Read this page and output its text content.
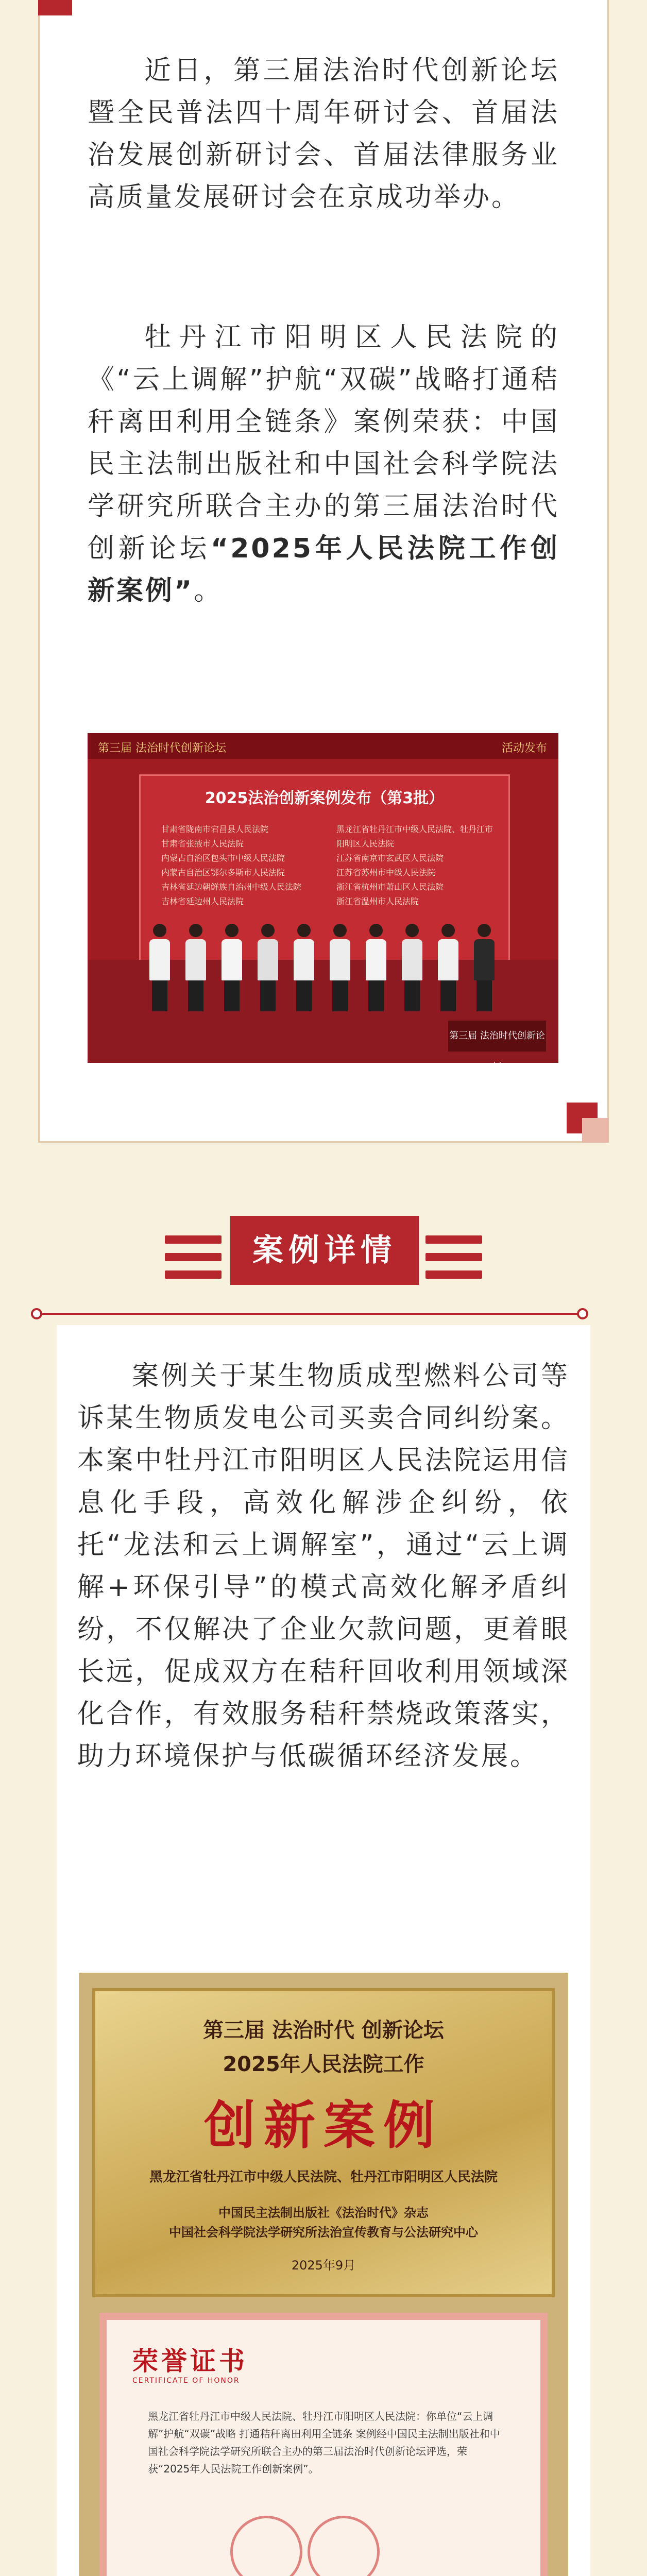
近日，第三届法治时代创新论坛暨全民普法四十周年研讨会、首届法治发展创新研讨会、首届法律服务业高质量发展研讨会在京成功举办。

牡丹江市阳明区人民法院的《“云上调解”护航“双碳”战略打通秸秆离田利用全链条》案例荣获：中国民主法制出版社和中国社会科学院法学研究所联合主办的第三届法治时代创新论坛“2025年人民法院工作创新案例”。

第三届 法治时代创新论坛	活动发布
2025法治创新案例发布（第3批）
甘肃省陇南市宕昌县人民法院
甘肃省张掖市人民法院
内蒙古自治区包头市中级人民法院
内蒙古自治区鄂尔多斯市人民法院
吉林省延边朝鲜族自治州中级人民法院
吉林省延边州人民法院
黑龙江省牡丹江市中级人民法院、牡丹江市
阳明区人民法院
江苏省南京市玄武区人民法院
江苏省苏州市中级人民法院
浙江省杭州市萧山区人民法院
浙江省温州市人民法院
第三届 法治时代创新论坛
案例详情

案例关于某生物质成型燃料公司等诉某生物质发电公司买卖合同纠纷案。本案中牡丹江市阳明区人民法院运用信息化手段，高效化解涉企纠纷，依托“龙法和云上调解室”，通过“云上调解+环保引导”的模式高效化解矛盾纠纷，不仅解决了企业欠款问题，更着眼长远，促成双方在秸秆回收利用领域深化合作，有效服务秸秆禁烧政策落实，助力环境保护与低碳循环经济发展。

第三届 法治时代 创新论坛
2025年人民法院工作
创新案例
黑龙江省牡丹江市中级人民法院、牡丹江市阳明区人民法院
中国民主法制出版社《法治时代》杂志
中国社会科学院法学研究所法治宣传教育与公法研究中心
2025年9月
荣誉证书
CERTIFICATE OF HONOR
黑龙江省牡丹江市中级人民法院、牡丹江市阳明区人民法院：你单位“云上调解”护航“双碳”战略 打通秸秆离田利用全链条 案例经中国民主法制出版社和中国社会科学院法学研究所联合主办的第三届法治时代创新论坛评选，荣获“2025年人民法院工作创新案例”。
